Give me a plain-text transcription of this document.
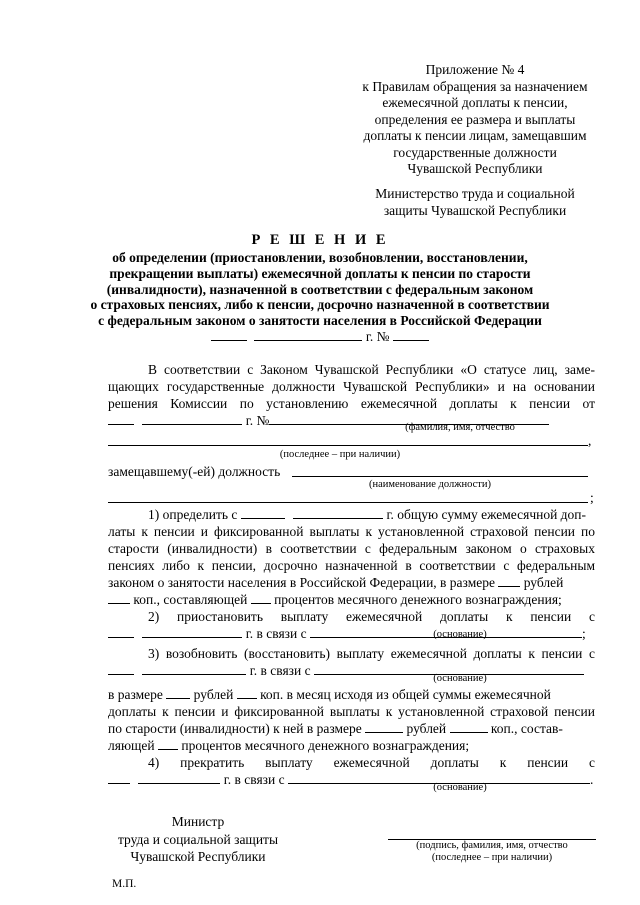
Приложение № 4
к Правилам обращения за назначением
ежемесячной доплаты к пенсии,
определения ее размера и выплаты
доплаты к пенсии лицам, замещавшим
государственные должности
Чувашской Республики
Министерство труда и социальной
защиты Чувашской Республики
Р Е Ш Е Н И Е
об определении (приостановлении, возобновлении, восстановлении,
прекращении выплаты) ежемесячной доплаты к пенсии по старости
(инвалидности), назначенной в соответствии с федеральным законом
о страховых пенсиях, либо к пенсии, досрочно назначенной в соответствии
с федеральным законом о занятости населения в Российской Федерации
г. №
В соответствии с Законом Чувашской Республики «О статусе лиц, заме-
щающих государственные должности Чувашской Республики» и на основании
решения Комиссии по установлению ежемесячной доплаты к пенсии от
г. №	(фамилия, имя, отчество
,
(последнее – при наличии)
замещавшему(-ей) должность
(наименование должности)
;
1) определить с	г. общую сумму ежемесячной доп-
латы к пенсии и фиксированной выплаты к установленной страховой пенсии по
старости (инвалидности) в соответствии с федеральным законом о страховых
пенсиях либо к пенсии, досрочно назначенной в соответствии с федеральным
законом о занятости населения в Российской Федерации, в размере рублей
коп., составляющей процентов месячного денежного вознаграждения;
2) приостановить выплату ежемесячной доплаты к пенсии с
г. в связи с	;
(основание)
3) возобновить (восстановить) выплату ежемесячной доплаты к пенсии с
г. в связи с
(основание)
в размере рублей коп. в месяц исходя из общей суммы ежемесячной
доплаты к пенсии и фиксированной выплаты к установленной страховой пенсии
по старости (инвалидности) к ней в размере	рублей	коп., состав-
ляющей процентов месячного денежного вознаграждения;
4) прекратить выплату ежемесячной доплаты к пенсии с
г. в связи с	.
(основание)
Министр
труда и социальной защиты
Чувашской Республики
(подпись, фамилия, имя, отчество
(последнее – при наличии)
М.П.
